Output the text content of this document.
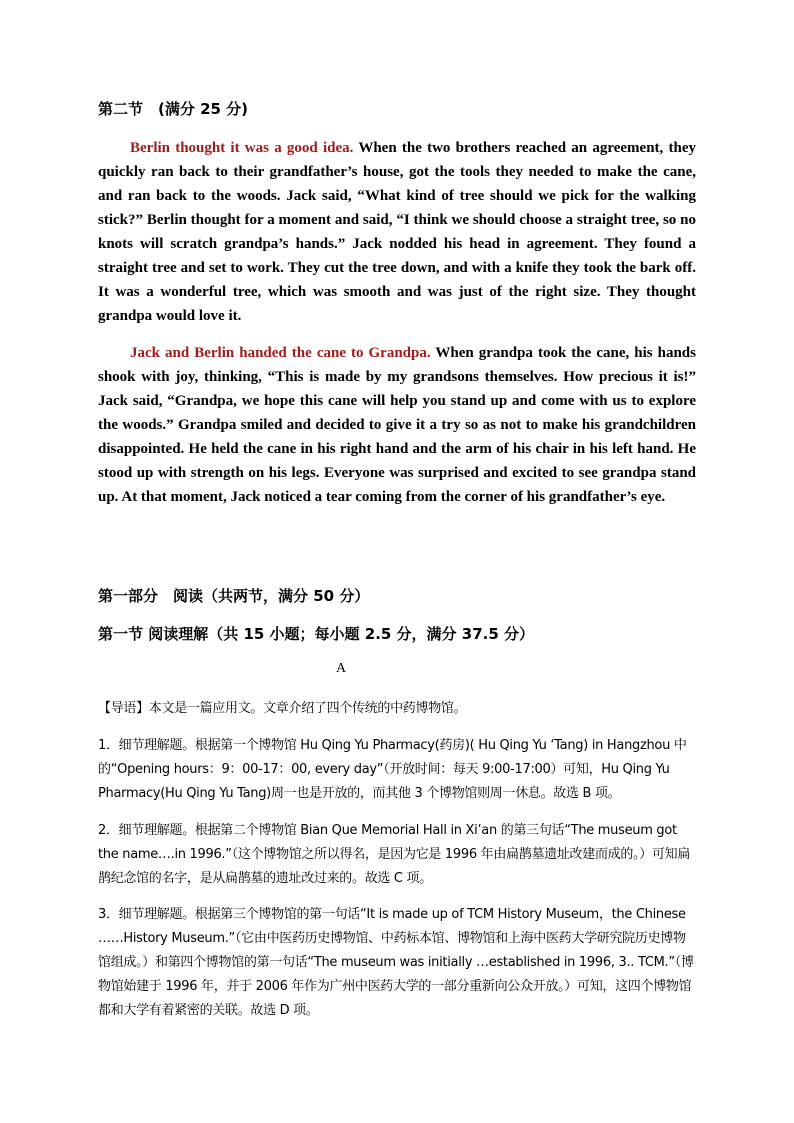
第二节　(满分 25 分)
Berlin thought it was a good idea. When the two brothers reached an agreement, they quickly ran back to their grandfather’s house, got the tools they needed to make the cane, and ran back to the woods. Jack said, “What kind of tree should we pick for the walking stick?” Berlin thought for a moment and said, “I think we should choose a straight tree, so no knots will scratch grandpa’s hands.” Jack nodded his head in agreement. They found a straight tree and set to work. They cut the tree down, and with a knife they took the bark off. It was a wonderful tree, which was smooth and was just of the right size. They thought grandpa would love it.
Jack and Berlin handed the cane to Grandpa. When grandpa took the cane, his hands shook with joy, thinking, “This is made by my grandsons themselves. How precious it is!” Jack said, “Grandpa, we hope this cane will help you stand up and come with us to explore the woods.” Grandpa smiled and decided to give it a try so as not to make his grandchildren disappointed. He held the cane in his right hand and the arm of his chair in his left hand. He stood up with strength on his legs. Everyone was surprised and excited to see grandpa stand up. At that moment, Jack noticed a tear coming from the corner of his grandfather’s eye.
第一部分　阅读（共两节，满分 50 分）
第一节 阅读理解（共 15 小题；每小题 2.5 分，满分 37.5 分）
A
【导语】本文是一篇应用文。文章介绍了四个传统的中药博物馆。
1．细节理解题。根据第一个博物馆 Hu Qing Yu Pharmacy(药房)( Hu Qing Yu ‘Tang) in Hangzhou 中的“Opening hours：9：00-17：00, every day”（开放时间：每天 9:00-17:00）可知，Hu Qing Yu Pharmacy(Hu Qing Yu Tang)周一也是开放的，而其他 3 个博物馆则周一休息。故选 B 项。
2．细节理解题。根据第二个博物馆 Bian Que Memorial Hall in Xi’an 的第三句话“The museum got the name….in 1996.”（这个博物馆之所以得名，是因为它是 1996 年由扁鹊墓遗址改建而成的。）可知扁鹊纪念馆的名字，是从扁鹊墓的遗址改过来的。故选 C 项。
3．细节理解题。根据第三个博物馆的第一句话“It is made up of TCM History Museum，the Chinese ……History Museum.”（它由中医药历史博物馆、中药标本馆、博物馆和上海中医药大学研究院历史博物馆组成。）和第四个博物馆的第一句话“The museum was initially …established in 1996, 3.. TCM.”（博物馆始建于 1996 年，并于 2006 年作为广州中医药大学的一部分重新向公众开放。）可知，这四个博物馆都和大学有着紧密的关联。故选 D 项。
